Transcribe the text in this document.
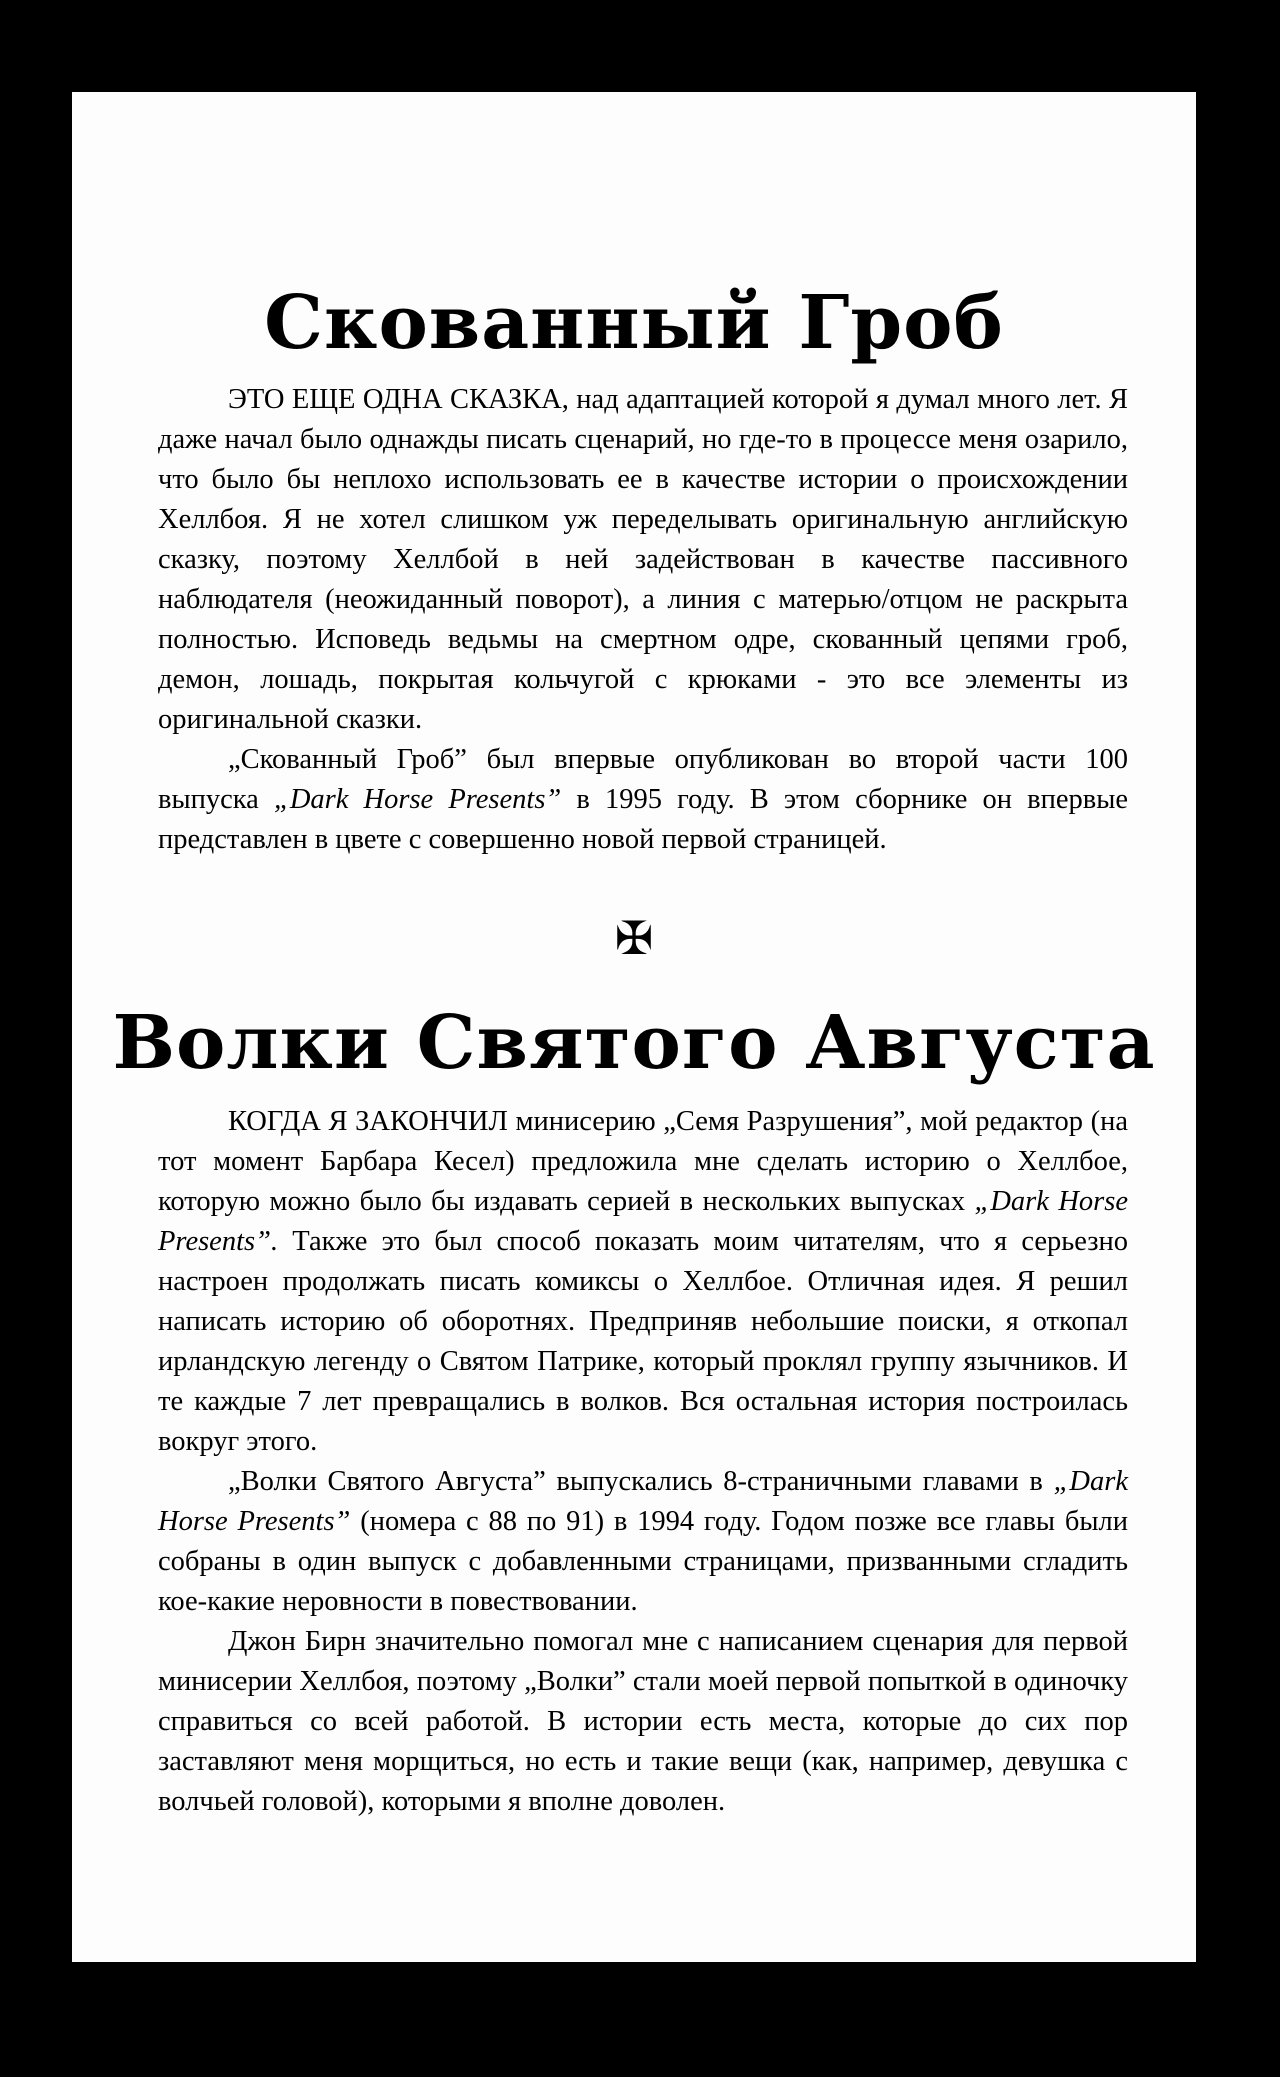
Скованный Гроб

ЭТО ЕЩЕ ОДНА СКАЗКА, над адаптацией которой я думал много лет. Я даже начал было однажды писать сценарий, но где-то в процессе меня озарило, что было бы неплохо использовать ее в качестве истории о происхождении Хеллбоя. Я не хотел слишком уж переделывать оригинальную английскую сказку, поэтому Хеллбой в ней задействован в качестве пассивного наблюдателя (неожиданный поворот), а линия с матерью/отцом не раскрыта полностью. Исповедь ведьмы на смертном одре, скованный цепями гроб, демон, лошадь, покрытая кольчугой с крюками - это все элементы из оригинальной сказки.

„Скованный Гроб” был впервые опубликован во второй части 100 выпуска „Dark Horse Presents” в 1995 году. В этом сборнике он впервые представлен в цвете с совершенно новой первой страницей.

✠
Волки Святого Августа

КОГДА Я ЗАКОНЧИЛ минисерию „Семя Разрушения”, мой редактор (на тот момент Барбара Кесел) предложила мне сделать историю о Хеллбое, которую можно было бы издавать серией в нескольких выпусках „Dark Horse Presents”. Также это был способ показать моим читателям, что я серьезно настроен продолжать писать комиксы о Хеллбое. Отличная идея. Я решил написать историю об оборотнях. Предприняв небольшие поиски, я откопал ирландскую легенду о Святом Патрике, который проклял группу язычников. И те каждые 7 лет превращались в волков. Вся остальная история построилась вокруг этого.

„Волки Святого Августа” выпускались 8-страничными главами в „Dark Horse Presents” (номера с 88 по 91) в 1994 году. Годом позже все главы были собраны в один выпуск с добавленными страницами, призванными сгладить кое-какие неровности в повествовании.

Джон Бирн значительно помогал мне с написанием сценария для первой минисерии Хеллбоя, поэтому „Волки” стали моей первой попыткой в одиночку справиться со всей работой. В истории есть места, которые до сих пор заставляют меня морщиться, но есть и такие вещи (как, например, девушка с волчьей головой), которыми я вполне доволен.
